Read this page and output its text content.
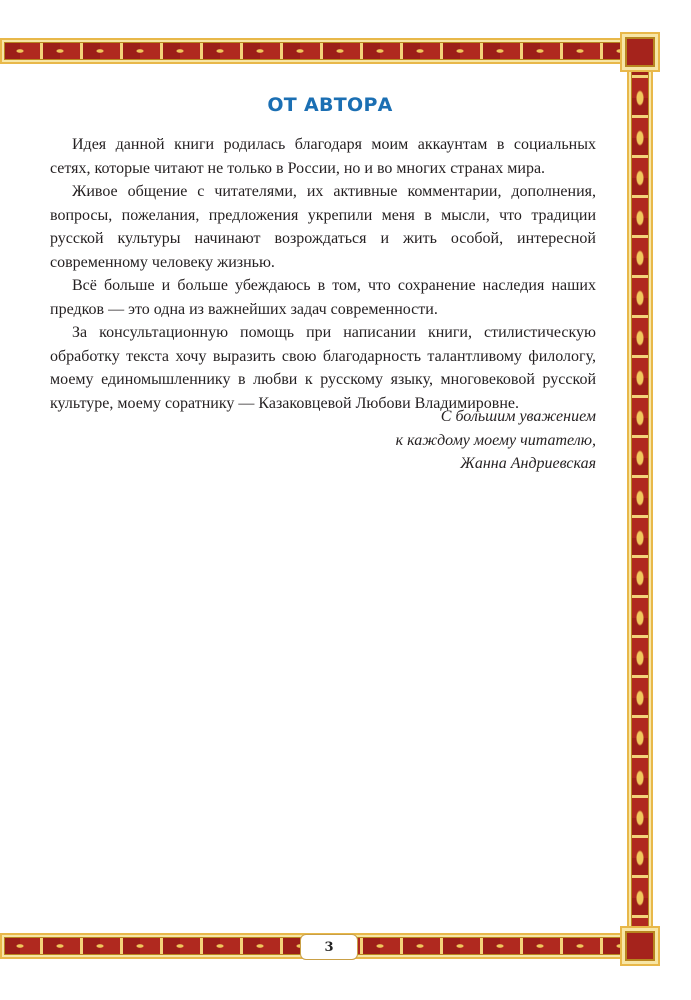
ОТ АВТОРА

Идея данной книги родилась благодаря моим аккаунтам в социальных сетях, которые читают не только в России, но и во многих странах мира.

Живое общение с читателями, их активные комментарии, дополнения, вопросы, пожелания, предложения укрепили меня в мысли, что традиции русской культуры начинают возрождаться и жить особой, интересной современному человеку жизнью.

Всё больше и больше убеждаюсь в том, что сохранение наследия наших предков — это одна из важнейших задач современности.

За консультационную помощь при написании книги, стилистическую обработку текста хочу выразить свою благодарность талантливому филологу, моему единомышленнику в любви к русскому языку, многовековой русской культуре, моему соратнику — Казаковцевой Любови Владимировне.

С большим уважением
к каждому моему читателю,
Жанна Андриевская
3
